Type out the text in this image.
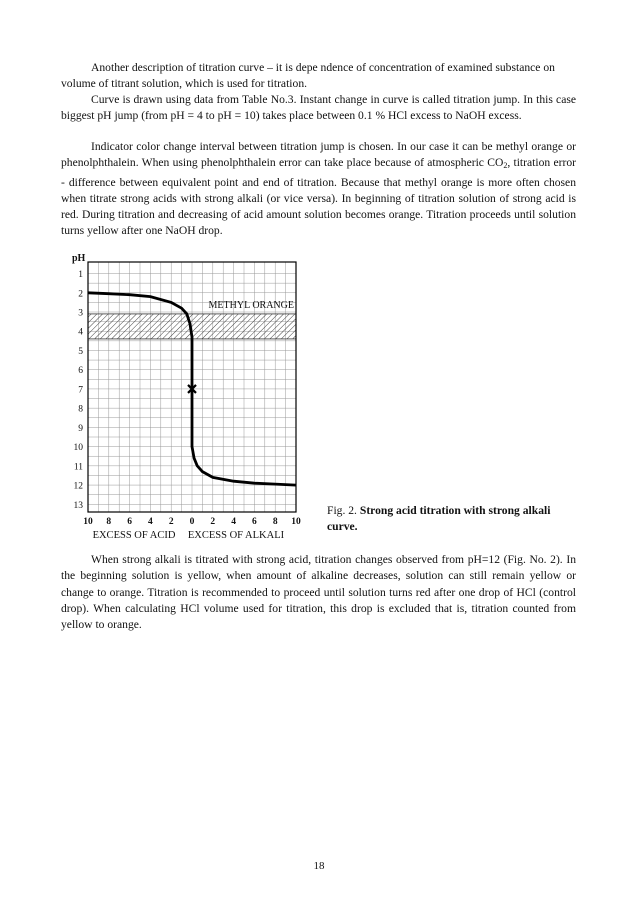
Another description of titration curve – it is depe ndence of concentration of examined substance on volume of titrant solution, which is used for titration.

Curve is drawn using data from Table No.3. Instant change in curve is called titration jump. In this case biggest pH jump (from pH = 4 to pH = 10) takes place between 0.1 % HCl excess to NaOH excess.

Indicator color change interval between titration jump is chosen. In our case it can be methyl orange or phenolphthalein. When using phenolphthalein error can take place because of atmospheric $CO_2$, titration error - difference between equivalent point and end of titration. Because that methyl orange is more often chosen when titrate strong acids with strong alkali (or vice versa). In beginning of titration solution of strong acid is red. During titration and decreasing of acid amount solution becomes orange. Titration proceeds until solution turns yellow after one NaOH drop.

METHYL ORANGE
pH
1
2
3
4
5
6
7
8
9
10
11
12
13
10 8 6 4 2 0 2 4 6 8 10
EXCESS OF ACID EXCESS OF ALKALI

Fig. 2. Strong acid titration with strong alkali curve.

When strong alkali is titrated with strong acid, titration changes observed from pH=12 (Fig. No. 2). In the beginning solution is yellow, when amount of alkaline decreases, solution can still remain yellow or change to orange. Titration is recommended to proceed until solution turns red after one drop of HCl (control drop). When calculating HCl volume used for titration, this drop is excluded that is, titration counted from yellow to orange.

18
